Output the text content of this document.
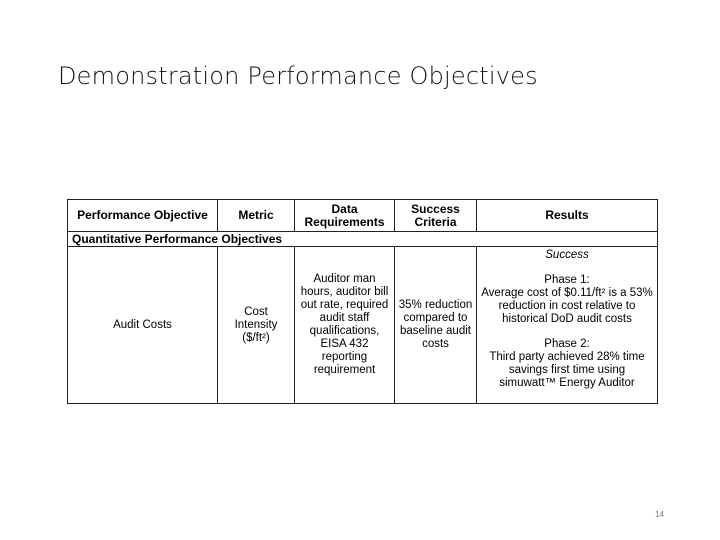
Demonstration Performance Objectives
Performance Objective	Metric	Data Requirements	Success Criteria	Results
Quantitative Performance Objectives				
Audit Costs	Cost
Intensity
($/ft²)	Auditor man hours, auditor bill out rate, required audit staff qualifications, EISA 432 reporting requirement	35% reduction compared to baseline audit costs	Success
Phase 1:
Average cost of $0.11/ft² is a 53% reduction in cost relative to historical DoD audit costs
Phase 2:
Third party achieved 28% time savings first time using simuwatt™ Energy Auditor
14
